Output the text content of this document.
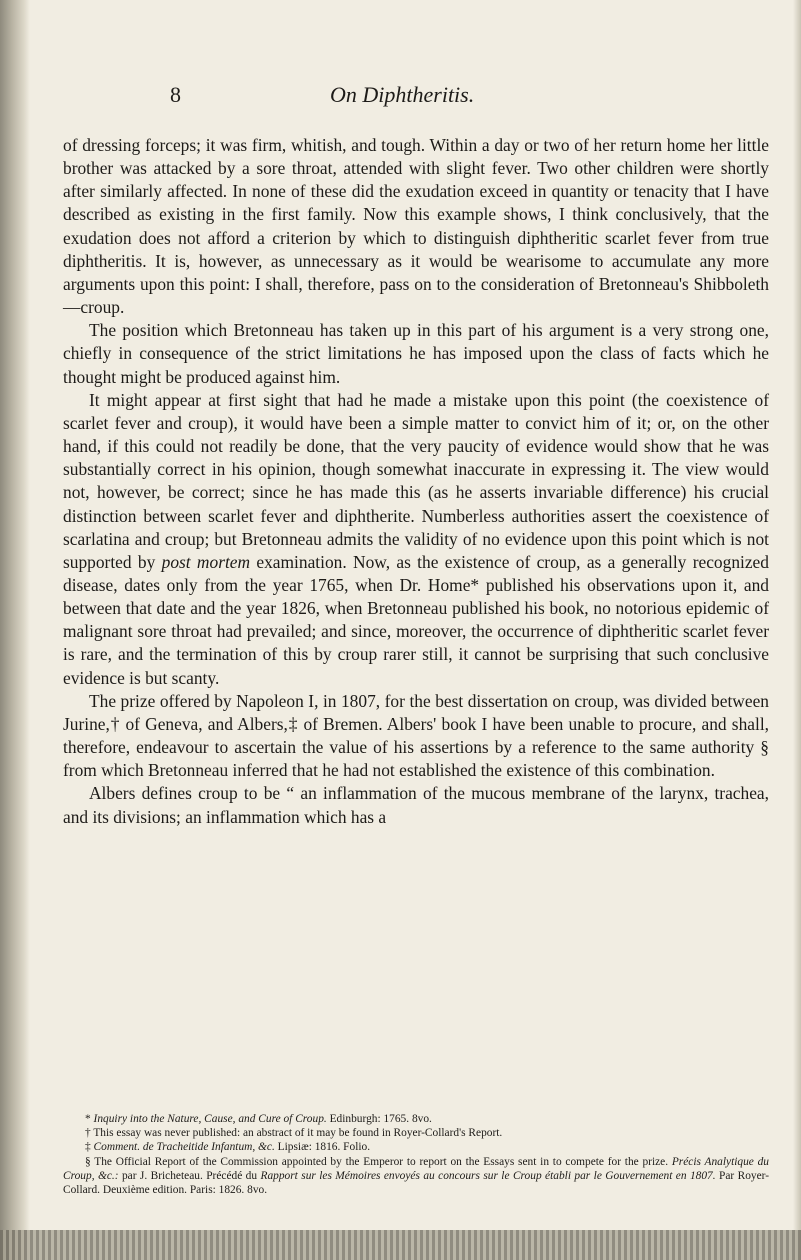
8	On Diphtheritis.

of dressing forceps; it was firm, whitish, and tough. Within a day or two of her return home her little brother was attacked by a sore throat, attended with slight fever. Two other children were shortly after similarly affected. In none of these did the exudation exceed in quantity or tenacity that I have described as existing in the first family. Now this example shows, I think conclusively, that the exudation does not afford a criterion by which to distinguish diphtheritic scarlet fever from true diphtheritis. It is, however, as unnecessary as it would be wearisome to accumulate any more arguments upon this point: I shall, therefore, pass on to the consideration of Bretonneau's Shibboleth—croup.

The position which Bretonneau has taken up in this part of his argument is a very strong one, chiefly in consequence of the strict limitations he has imposed upon the class of facts which he thought might be produced against him.

It might appear at first sight that had he made a mistake upon this point (the coexistence of scarlet fever and croup), it would have been a simple matter to convict him of it; or, on the other hand, if this could not readily be done, that the very paucity of evidence would show that he was substantially correct in his opinion, though somewhat inaccurate in expressing it. The view would not, however, be correct; since he has made this (as he asserts invariable difference) his crucial distinction between scarlet fever and diphtherite. Numberless authorities assert the coexistence of scarlatina and croup; but Bretonneau admits the validity of no evidence upon this point which is not supported by post mortem examination. Now, as the existence of croup, as a generally recognized disease, dates only from the year 1765, when Dr. Home* published his observations upon it, and between that date and the year 1826, when Bretonneau published his book, no notorious epidemic of malignant sore throat had prevailed; and since, moreover, the occurrence of diphtheritic scarlet fever is rare, and the termination of this by croup rarer still, it cannot be surprising that such conclusive evidence is but scanty.

The prize offered by Napoleon I, in 1807, for the best dissertation on croup, was divided between Jurine,† of Geneva, and Albers,‡ of Bremen. Albers' book I have been unable to procure, and shall, therefore, endeavour to ascertain the value of his assertions by a reference to the same authority § from which Bretonneau inferred that he had not established the existence of this combination.

Albers defines croup to be “ an inflammation of the mucous membrane of the larynx, trachea, and its divisions; an inflammation which has a

* Inquiry into the Nature, Cause, and Cure of Croup. Edinburgh: 1765. 8vo.

† This essay was never published: an abstract of it may be found in Royer-Collard's Report.

‡ Comment. de Tracheitide Infantum, &c. Lipsiæ: 1816. Folio.

§ The Official Report of the Commission appointed by the Emperor to report on the Essays sent in to compete for the prize. Précis Analytique du Croup, &c.: par J. Bricheteau. Précédé du Rapport sur les Mémoires envoyés au concours sur le Croup établi par le Gouvernement en 1807. Par Royer-Collard. Deuxième edition. Paris: 1826. 8vo.
